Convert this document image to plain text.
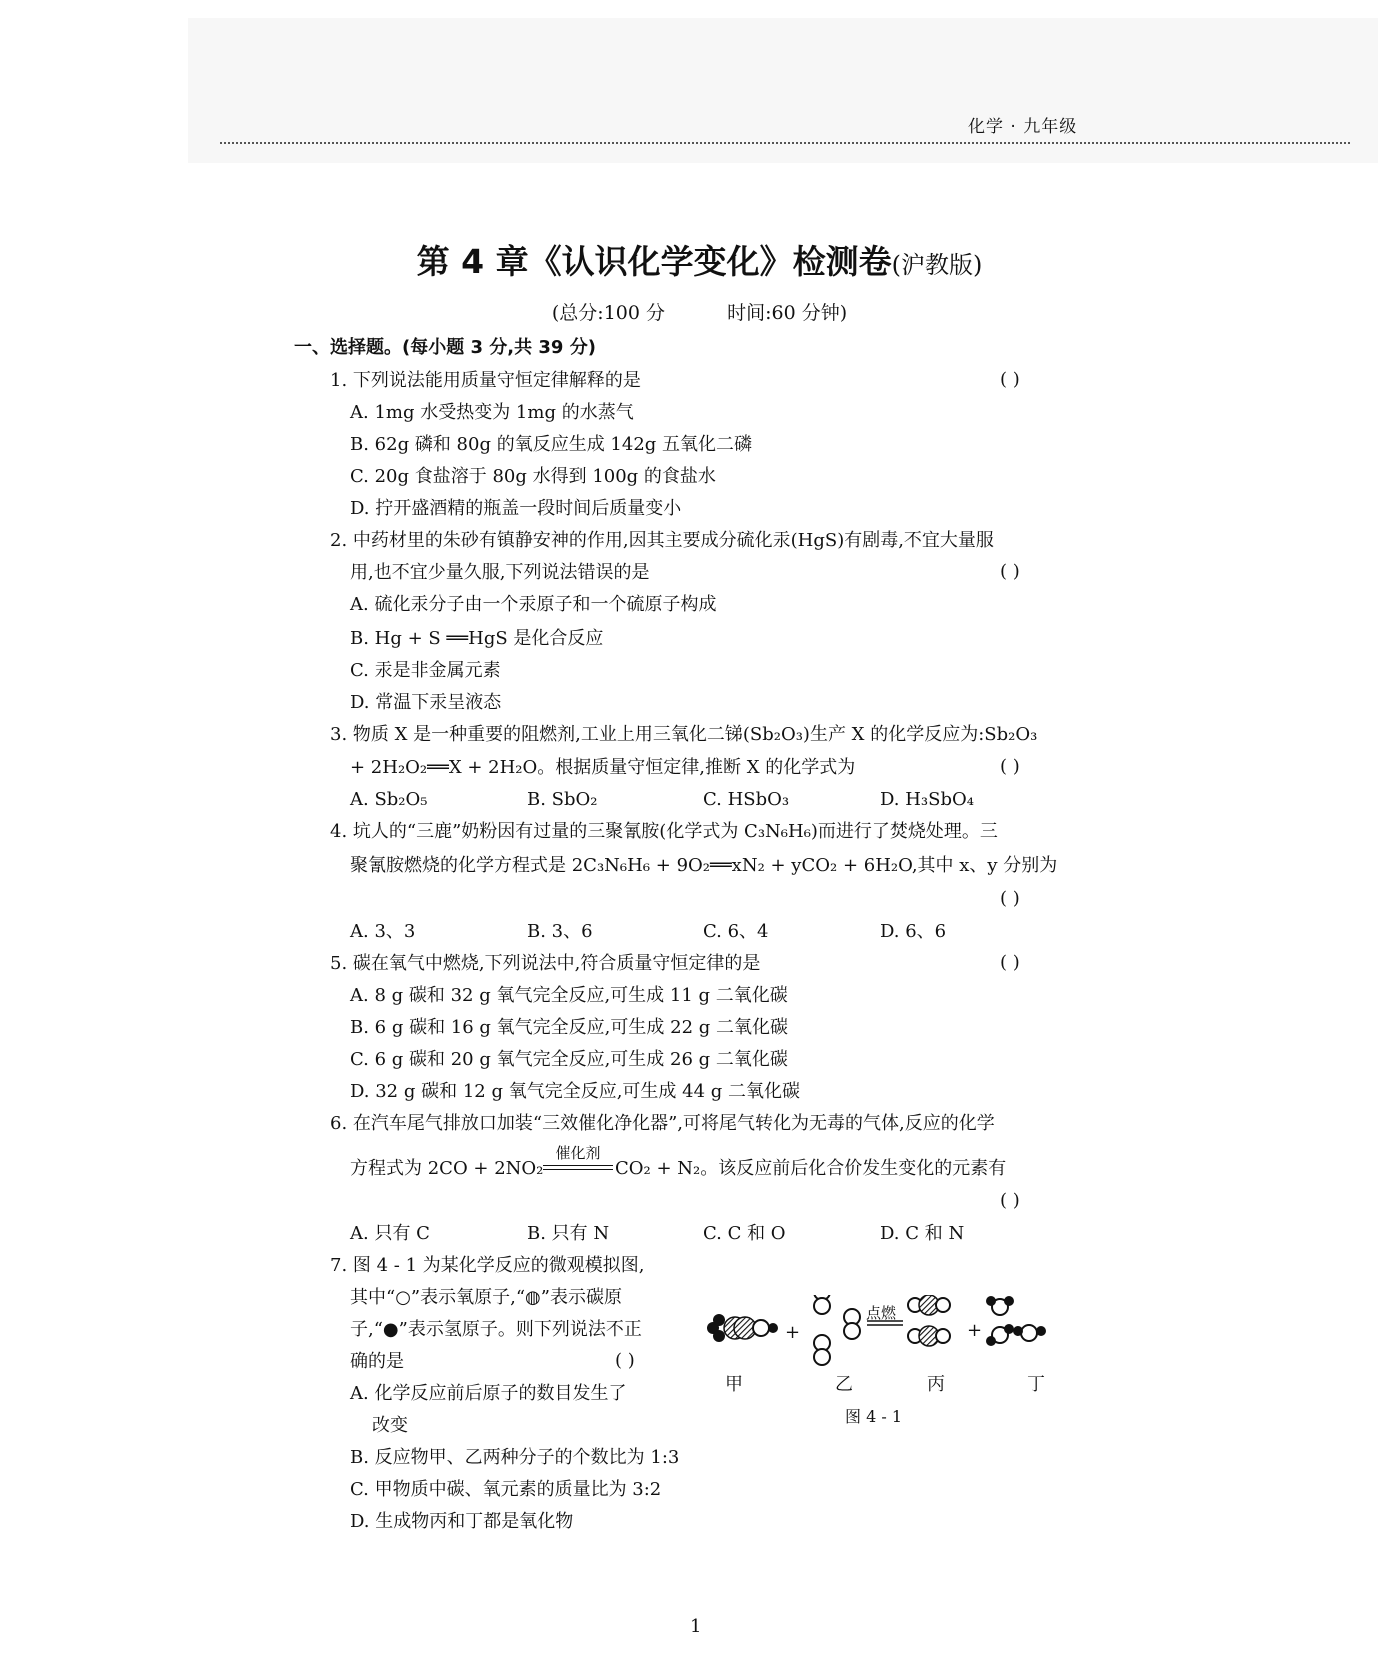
化学 · 九年级
第 4 章《认识化学变化》检测卷(沪教版)
(总分:100 分	时间:60 分钟)
一、选择题。(每小题 3 分,共 39 分)
1. 下列说法能用质量守恒定律解释的是	( )
A. 1mg 水受热变为 1mg 的水蒸气
B. 62g 磷和 80g 的氧反应生成 142g 五氧化二磷
C. 20g 食盐溶于 80g 水得到 100g 的食盐水
D. 拧开盛酒精的瓶盖一段时间后质量变小
2. 中药材里的朱砂有镇静安神的作用,因其主要成分硫化汞(HgS)有剧毒,不宜大量服
用,也不宜少量久服,下列说法错误的是	( )
A. 硫化汞分子由一个汞原子和一个硫原子构成
B. Hg + S ══HgS 是化合反应
C. 汞是非金属元素
D. 常温下汞呈液态
3. 物质 X 是一种重要的阻燃剂,工业上用三氧化二锑(Sb₂O₃)生产 X 的化学反应为:Sb₂O₃
+ 2H₂O₂══X + 2H₂O。根据质量守恒定律,推断 X 的化学式为	( )
A. Sb₂O₅	B. SbO₂	C. HSbO₃	D. H₃SbO₄
4. 坑人的“三鹿”奶粉因有过量的三聚氰胺(化学式为 C₃N₆H₆)而进行了焚烧处理。三
聚氰胺燃烧的化学方程式是 2C₃N₆H₆ + 9O₂══xN₂ + yCO₂ + 6H₂O,其中 x、y 分别为
( )
A. 3、3	B. 3、6	C. 6、4	D. 6、6
5. 碳在氧气中燃烧,下列说法中,符合质量守恒定律的是	( )
A. 8 g 碳和 32 g 氧气完全反应,可生成 11 g 二氧化碳
B. 6 g 碳和 16 g 氧气完全反应,可生成 22 g 二氧化碳
C. 6 g 碳和 20 g 氧气完全反应,可生成 26 g 二氧化碳
D. 32 g 碳和 12 g 氧气完全反应,可生成 44 g 二氧化碳
6. 在汽车尾气排放口加装“三效催化净化器”,可将尾气转化为无毒的气体,反应的化学
方程式为 2CO + 2NO₂
催化剂
CO₂ + N₂。该反应前后化合价发生变化的元素有
( )
A. 只有 C	B. 只有 N	C. C 和 O	D. C 和 N
7. 图 4 - 1 为某化学反应的微观模拟图,
其中“○”表示氧原子,“◍”表示碳原
子,“●”表示氢原子。则下列说法不正
确的是	( )
A. 化学反应前后原子的数目发生了
改变
B. 反应物甲、乙两种分子的个数比为 1:3
C. 甲物质中碳、氧元素的质量比为 3:2
D. 生成物丙和丁都是氧化物
+	+
点燃
甲	乙	丙	丁
图 4 - 1
1
